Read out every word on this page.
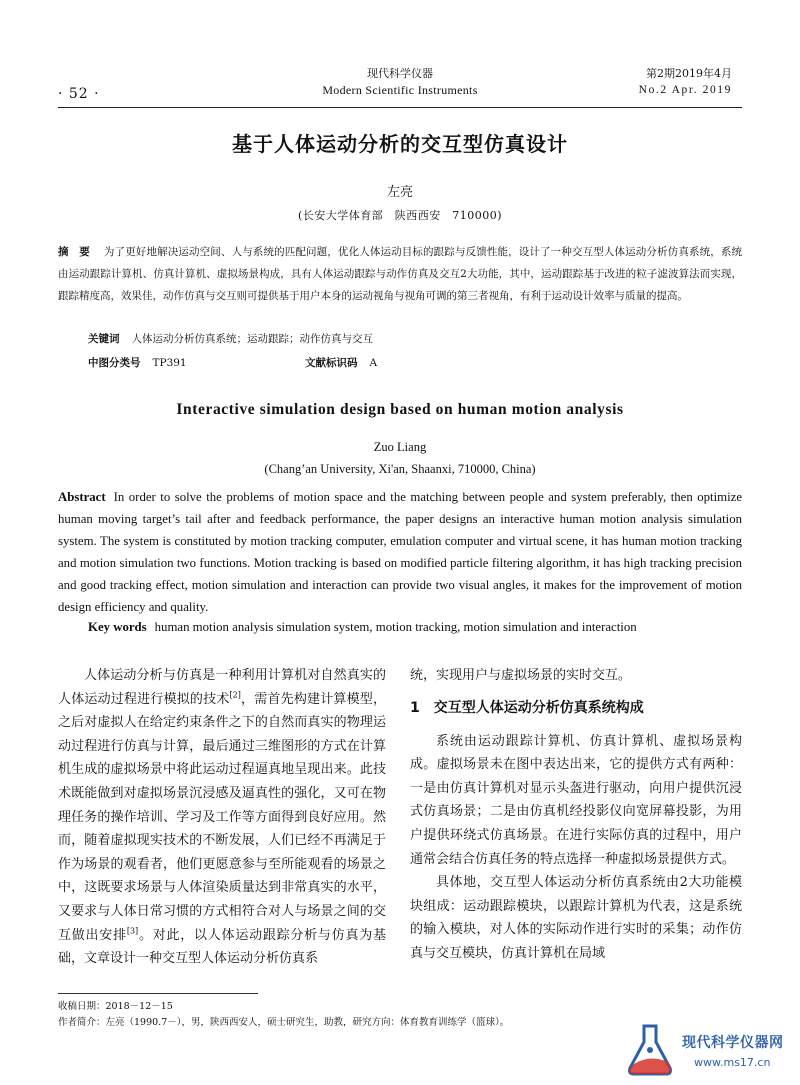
· 52 ·
现代科学仪器
Modern Scientific Instruments
第2期2019年4月
No.2 Apr. 2019
基于人体运动分析的交互型仿真设计
左亮
(长安大学体育部　陕西西安　710000)
摘　要 为了更好地解决运动空间、人与系统的匹配问题，优化人体运动目标的跟踪与反馈性能，设计了一种交互型人体运动分析仿真系统，系统由运动跟踪计算机、仿真计算机、虚拟场景构成，具有人体运动跟踪与动作仿真及交互2大功能，其中，运动跟踪基于改进的粒子滤波算法而实现，跟踪精度高，效果佳，动作仿真与交互则可提供基于用户本身的运动视角与视角可调的第三者视角，有利于运动设计效率与质量的提高。
关键词 人体运动分析仿真系统；运动跟踪；动作仿真与交互
中图分类号 TP391	文献标识码 A
Interactive simulation design based on human motion analysis
Zuo Liang
(Chang’an University, Xi'an, Shaanxi, 710000, China)
Abstract In order to solve the problems of motion space and the matching between people and system preferably, then optimize human moving target’s tail after and feedback performance, the paper designs an interactive human motion analysis simulation system. The system is constituted by motion tracking computer, emulation computer and virtual scene, it has human motion tracking and motion simulation two functions. Motion tracking is based on modified particle filtering algorithm, it has high tracking precision and good tracking effect, motion simulation and interaction can provide two visual angles, it makes for the improvement of motion design efficiency and quality.
Key words human motion analysis simulation system, motion tracking, motion simulation and interaction

人体运动分析与仿真是一种利用计算机对自然真实的人体运动过程进行模拟的技术[2]，需首先构建计算模型，之后对虚拟人在给定约束条件之下的自然而真实的物理运动过程进行仿真与计算，最后通过三维图形的方式在计算机生成的虚拟场景中将此运动过程逼真地呈现出来。此技术既能做到对虚拟场景沉浸感及逼真性的强化，又可在物理任务的操作培训、学习及工作等方面得到良好应用。然而，随着虚拟现实技术的不断发展，人们已经不再满足于作为场景的观看者，他们更愿意参与至所能观看的场景之中，这既要求场景与人体渲染质量达到非常真实的水平，又要求与人体日常习惯的方式相符合对人与场景之间的交互做出安排[3]。对此，以人体运动跟踪分析与仿真为基础，文章设计一种交互型人体运动分析仿真系

统，实现用户与虚拟场景的实时交互。

1　交互型人体运动分析仿真系统构成

系统由运动跟踪计算机、仿真计算机、虚拟场景构成。虚拟场景未在图中表达出来，它的提供方式有两种：一是由仿真计算机对显示头盔进行驱动，向用户提供沉浸式仿真场景；二是由仿真机经投影仪向宽屏幕投影，为用户提供环绕式仿真场景。在进行实际仿真的过程中，用户通常会结合仿真任务的特点选择一种虚拟场景提供方式。

具体地，交互型人体运动分析仿真系统由2大功能模块组成：运动跟踪模块，以跟踪计算机为代表，这是系统的输入模块，对人体的实际动作进行实时的采集；动作仿真与交互模块，仿真计算机在局域

收稿日期：2018－12－15
作者简介：左亮（1990.7－），男，陕西西安人，硕士研究生，助教，研究方向：体育教育训练学（篮球）。
现代科学仪器网
www.ms17.cn
